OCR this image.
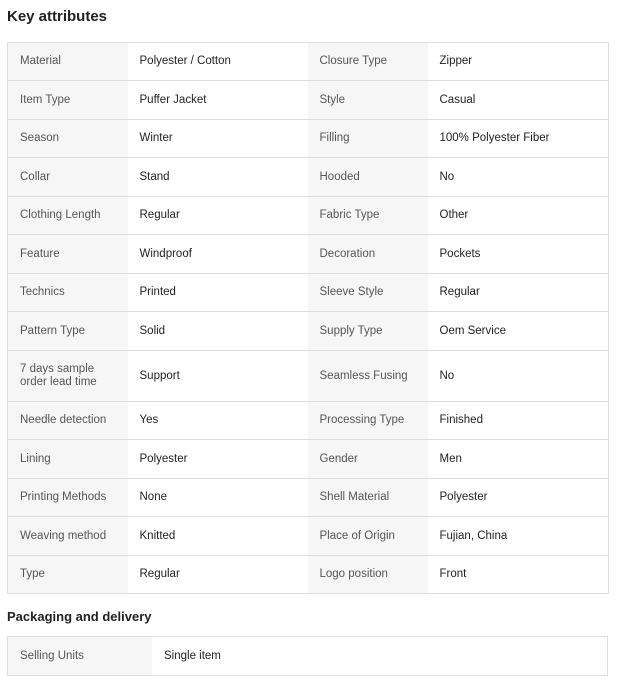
Key attributes
Material	Polyester / Cotton	Closure Type	Zipper
Item Type	Puffer Jacket	Style	Casual
Season	Winter	Filling	100% Polyester Fiber
Collar	Stand	Hooded	No
Clothing Length	Regular	Fabric Type	Other
Feature	Windproof	Decoration	Pockets
Technics	Printed	Sleeve Style	Regular
Pattern Type	Solid	Supply Type	Oem Service
7 days sample order lead time	Support	Seamless Fusing	No
Needle detection	Yes	Processing Type	Finished
Lining	Polyester	Gender	Men
Printing Methods	None	Shell Material	Polyester
Weaving method	Knitted	Place of Origin	Fujian, China
Type	Regular	Logo position	Front
Packaging and delivery
Selling Units	Single item
